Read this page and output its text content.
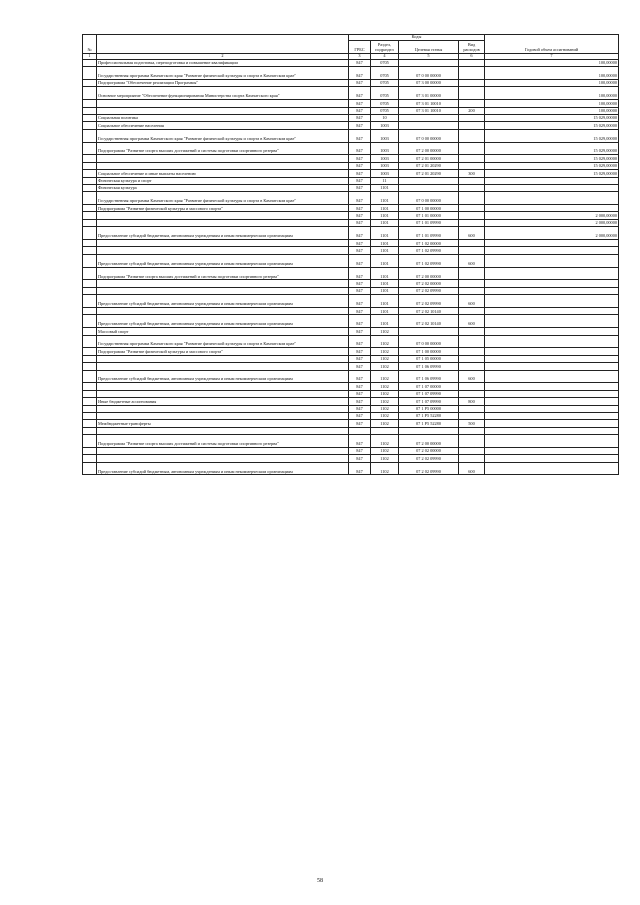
№		Коды				Годовой объем ассигнований
		ГРБС	Раздел, подраздел	Целевая статья	Вид расходов	
1	2	3	4	5	6	7
	Профессиональная подготовка, переподготовка и повышение квалификации	847	0705			100,00000
	Государственная программа Камчатского края "Развитие физической культуры и спорта в Камчатском крае"	847	0705	07 0 00 00000		100,00000
	Подпрограмма "Обеспечение реализации Программы"	847	0705	07 3 00 00000		100,00000
	Основное мероприятие "Обеспечение функционирования Министерства спорта Камчатского края"	847	0705	07 3 01 00000		100,00000
		847	0705	07 3 01 10010		100,00000
		847	0705	07 3 01 10010	200	100,00000
	Социальная политика	847	10			15 029,00000
	Социальное обеспечение населения	847	1003			15 029,00000
	Государственная программа Камчатского края "Развитие физической культуры и спорта в Камчатском крае"	847	1003	07 0 00 00000		15 029,00000
	Подпрограмма "Развитие спорта высших достижений и системы подготовки спортивного резерва"	847	1003	07 2 00 00000		15 029,00000
		847	1003	07 2 01 00000		15 029,00000
		847	1003	07 2 01 20290		15 029,00000
	Социальное обеспечение и иные выплаты населению	847	1003	07 2 01 20290	300	15 029,00000
	Физическая культура и спорт	847	11			
	Физическая культура	847	1101			
	Государственная программа Камчатского края "Развитие физической культуры и спорта в Камчатском крае"	847	1101	07 0 00 00000		
	Подпрограмма "Развитие физической культуры и массового спорта"	847	1101	07 1 00 00000		
		847	1101	07 1 01 00000		2 000,00000
		847	1101	07 1 01 09990		2 000,00000
	Предоставление субсидий бюджетным, автономным учреждениям и иным некоммерческим организациям	847	1101	07 1 01 09990	600	2 000,00000
		847	1101	07 1 02 00000		
		847	1101	07 1 02 09990		
	Предоставление субсидий бюджетным, автономным учреждениям и иным некоммерческим организациям	847	1101	07 1 02 09990	600	
	Подпрограмма "Развитие спорта высших достижений и системы подготовки спортивного резерва"	847	1101	07 2 00 00000		
		847	1101	07 2 02 00000		
		847	1101	07 2 02 09990		
	Предоставление субсидий бюджетным, автономным учреждениям и иным некоммерческим организациям	847	1101	07 2 02 09990	600	
		847	1101	07 2 02 10140		
	Предоставление субсидий бюджетным, автономным учреждениям и иным некоммерческим организациям	847	1101	07 2 02 10140	600	
	Массовый спорт	847	1102			
	Государственная программа Камчатского края "Развитие физической культуры и спорта в Камчатском крае"	847	1102	07 0 00 00000		
	Подпрограмма "Развитие физической культуры и массового спорта"	847	1102	07 1 00 00000		
		847	1102	07 1 05 00000		
		847	1102	07 1 06 09990		
	Предоставление субсидий бюджетным, автономным учреждениям и иным некоммерческим организациям	847	1102	07 1 06 09990	600	
		847	1102	07 1 07 00000		
		847	1102	07 1 07 09990		
	Иные бюджетные ассигнования	847	1102	07 1 07 09990	800	
		847	1102	07 1 P5 00000		
		847	1102	07 1 P5 52280		
	Межбюджетные трансферты	847	1102	07 1 P5 52280	500	

	Подпрограмма "Развитие спорта высших достижений и системы подготовки спортивного резерва"	847	1102	07 2 00 00000		
		847	1102	07 2 02 00000		
		847	1102	07 2 02 09990		
	Предоставление субсидий бюджетным, автономным учреждениям и иным некоммерческим организациям	847	1102	07 2 02 09990	600	
58
